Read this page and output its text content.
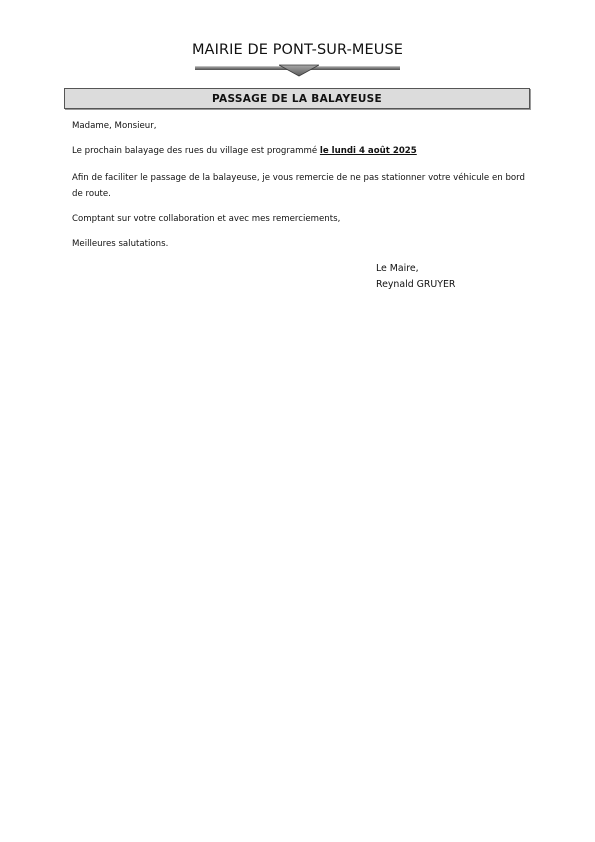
MAIRIE DE PONT-SUR-MEUSE
PASSAGE DE LA BALAYEUSE
Madame, Monsieur,
Le prochain balayage des rues du village est programmé le lundi 4 août 2025
Afin de faciliter le passage de la balayeuse, je vous remercie de ne pas stationner votre véhicule en bord de route.
Comptant sur votre collaboration et avec mes remerciements,
Meilleures salutations.
Le Maire,
Reynald GRUYER
